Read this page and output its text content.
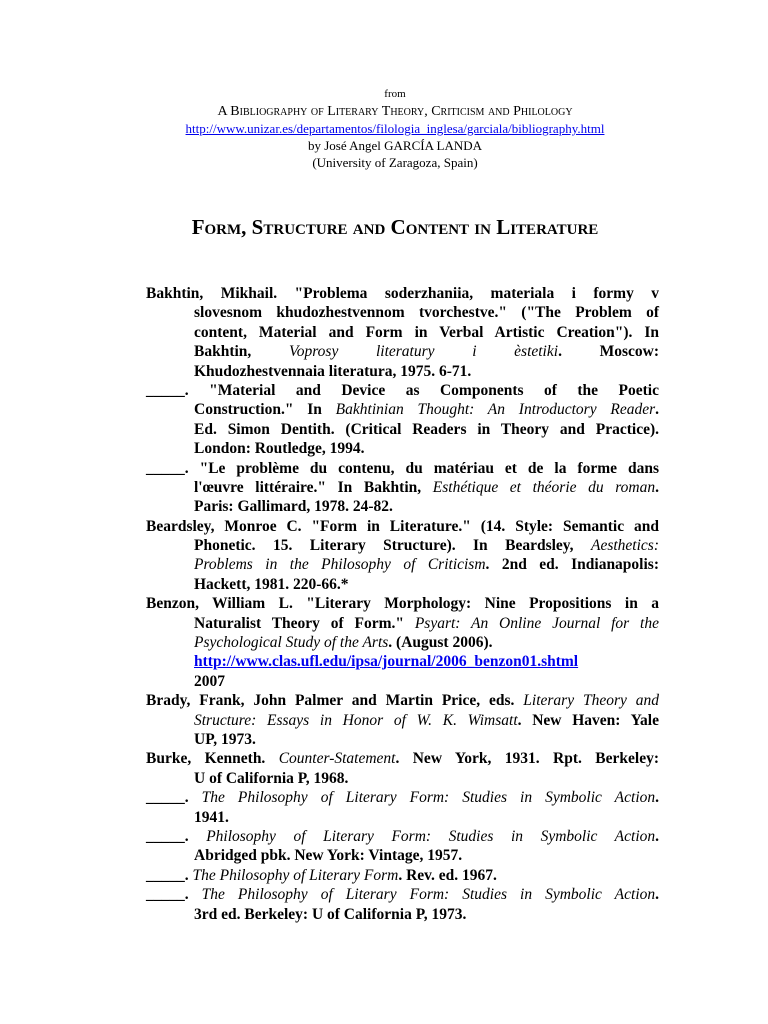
from
A Bibliography of Literary Theory, Criticism and Philology
http://www.unizar.es/departamentos/filologia_inglesa/garciala/bibliography.html
by José Angel GARCÍA LANDA
(University of Zaragoza, Spain)
Form, Structure and Content in Literature
Bakhtin, Mikhail. "Problema soderzhaniia, materiala i formy v
slovesnom khudozhestvennom tvorchestve." ("The Problem of
content, Material and Form in Verbal Artistic Creation"). In
Bakhtin, Voprosy literatury i èstetiki. Moscow:
Khudozhestvennaia literatura, 1975. 6-71.
_____. "Material and Device as Components of the Poetic
Construction." In Bakhtinian Thought: An Introductory Reader.
Ed. Simon Dentith. (Critical Readers in Theory and Practice).
London: Routledge, 1994.
_____. "Le problème du contenu, du matériau et de la forme dans
l'œuvre littéraire." In Bakhtin, Esthétique et théorie du roman.
Paris: Gallimard, 1978. 24-82.
Beardsley, Monroe C. "Form in Literature." (14. Style: Semantic and
Phonetic. 15. Literary Structure). In Beardsley, Aesthetics:
Problems in the Philosophy of Criticism. 2nd ed. Indianapolis:
Hackett, 1981. 220-66.*
Benzon, William L. "Literary Morphology: Nine Propositions in a
Naturalist Theory of Form." Psyart: An Online Journal for the
Psychological Study of the Arts. (August 2006).
http://www.clas.ufl.edu/ipsa/journal/2006_benzon01.shtml
2007
Brady, Frank, John Palmer and Martin Price, eds. Literary Theory and
Structure: Essays in Honor of W. K. Wimsatt. New Haven: Yale
UP, 1973.
Burke, Kenneth. Counter-Statement. New York, 1931. Rpt. Berkeley:
U of California P, 1968.
_____. The Philosophy of Literary Form: Studies in Symbolic Action.
1941.
_____. Philosophy of Literary Form: Studies in Symbolic Action.
Abridged pbk. New York: Vintage, 1957.
_____. The Philosophy of Literary Form. Rev. ed. 1967.
_____. The Philosophy of Literary Form: Studies in Symbolic Action.
3rd ed. Berkeley: U of California P, 1973.
